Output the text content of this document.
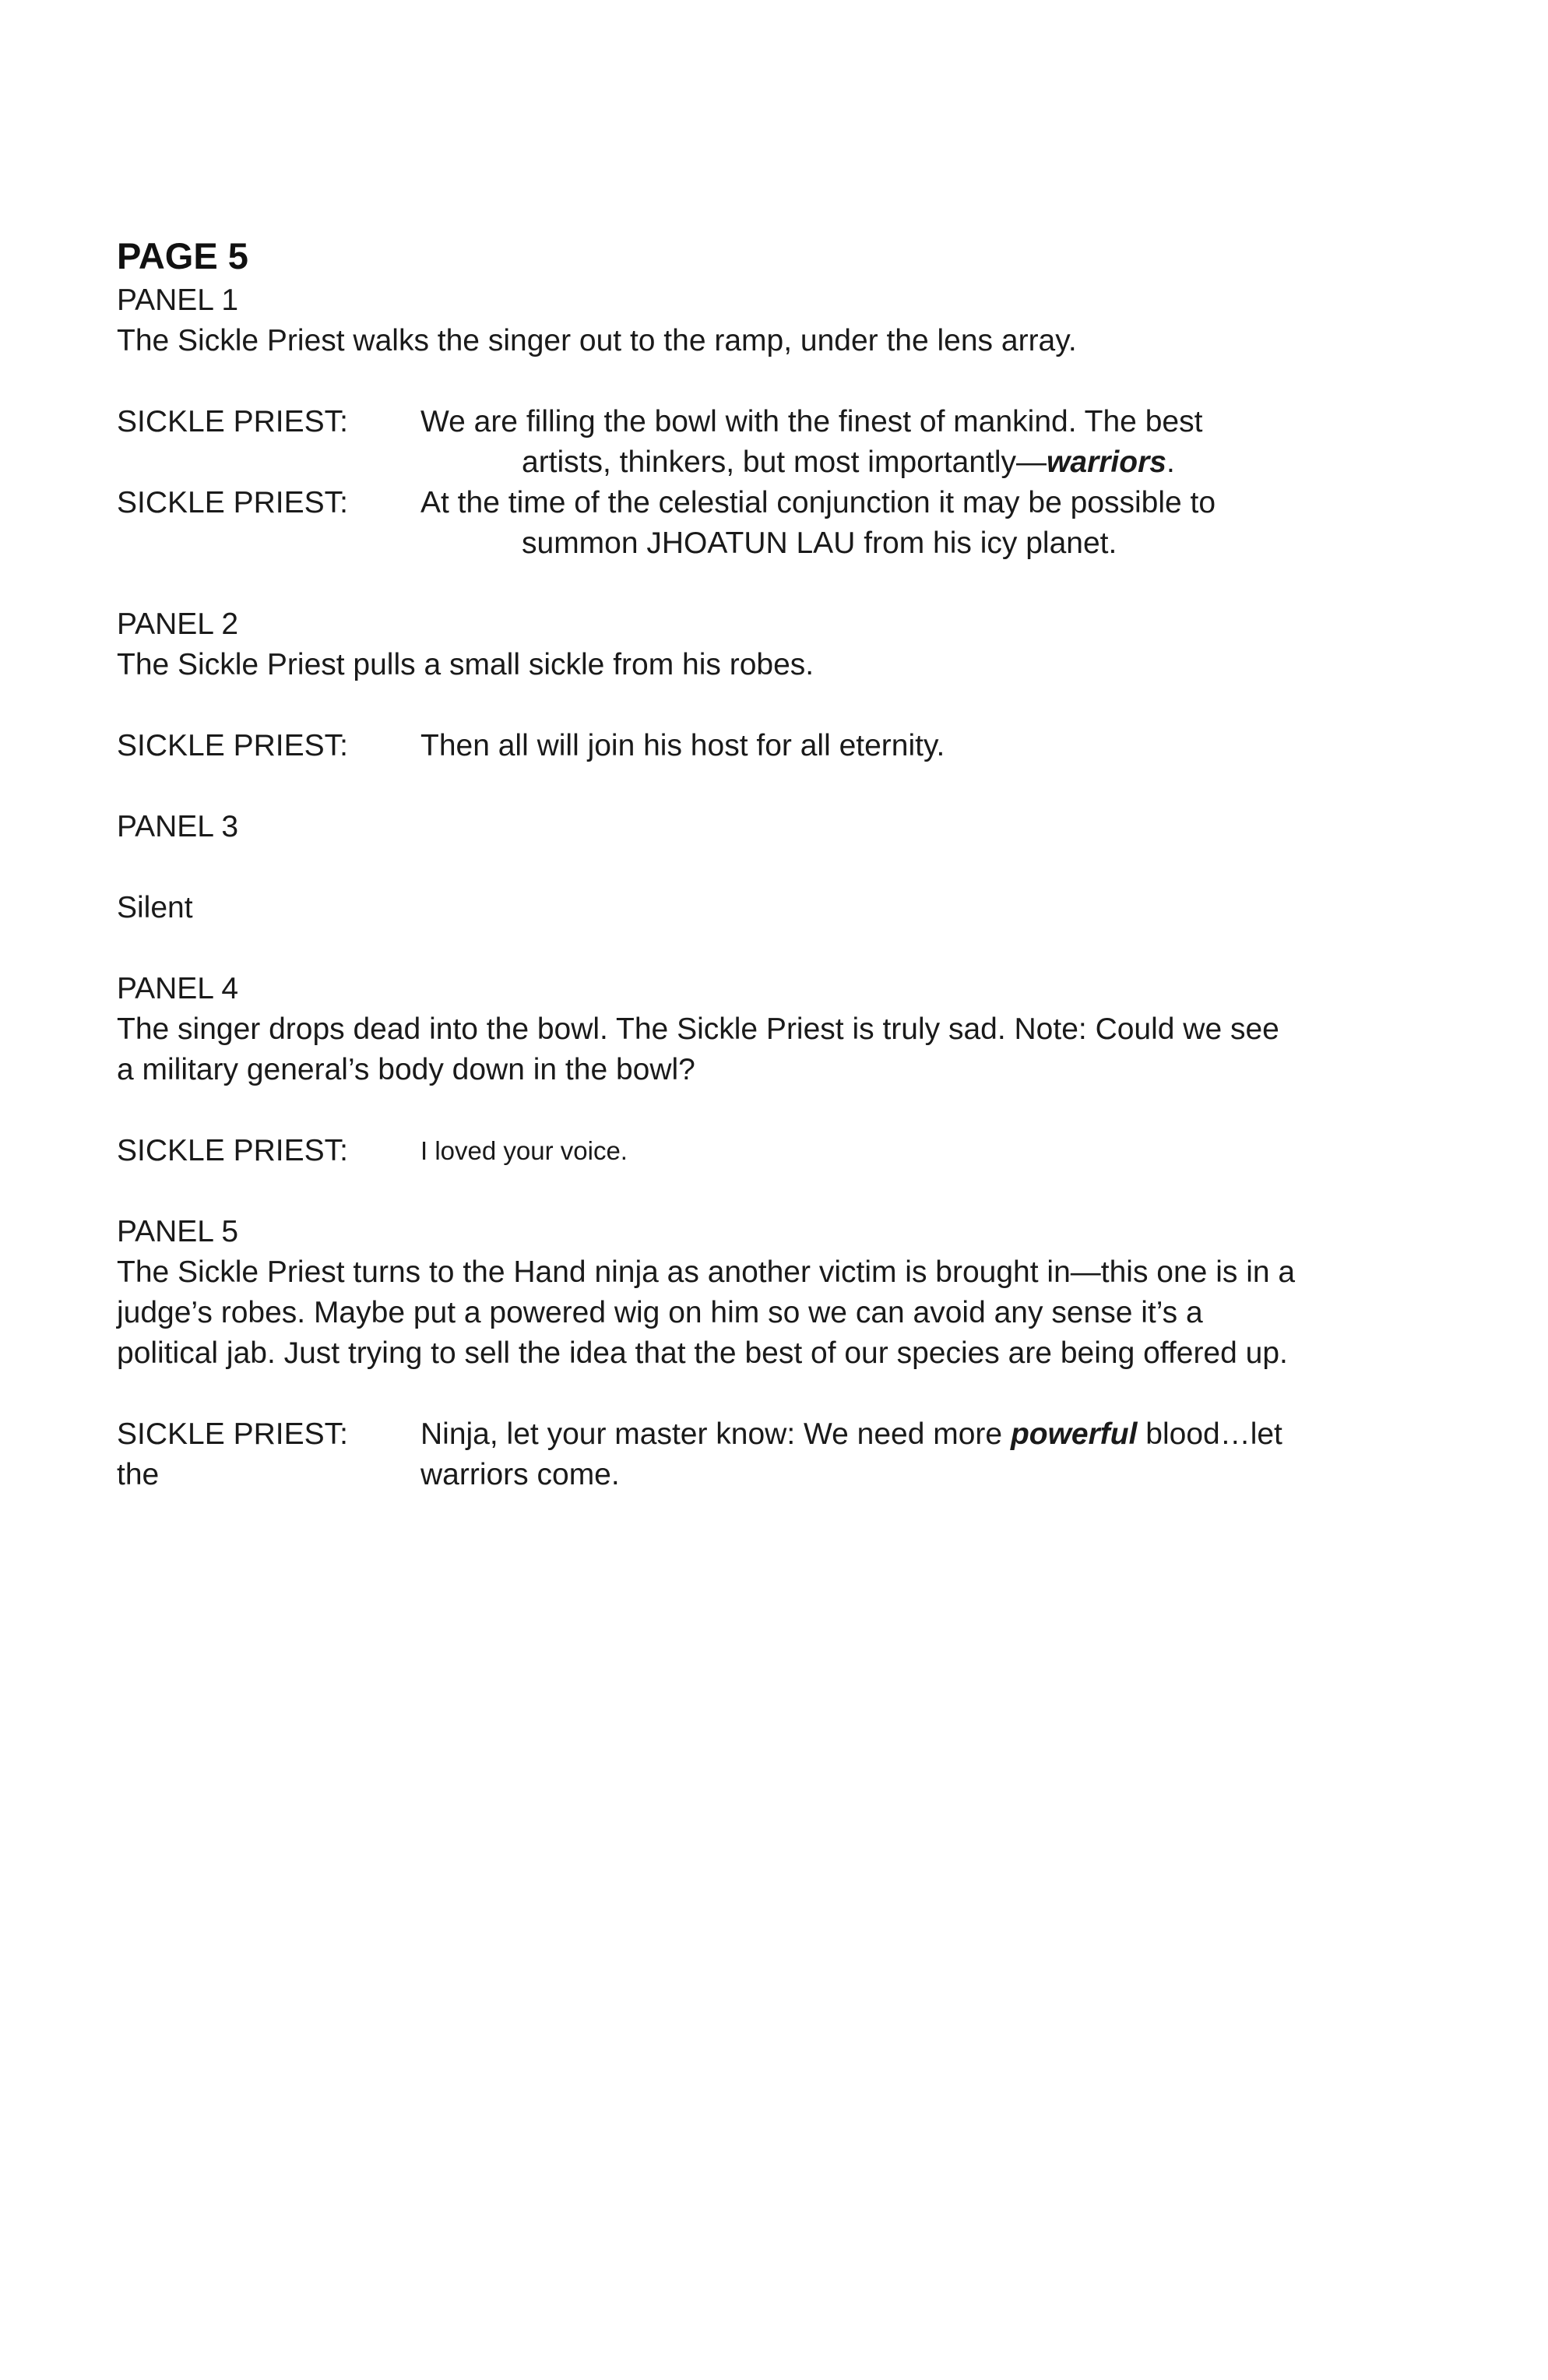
PAGE 5
PANEL 1
The Sickle Priest walks the singer out to the ramp, under the lens array.
SICKLE PRIEST: We are filling the bowl with the finest of mankind. The best
artists, thinkers, but most importantly—warriors.
SICKLE PRIEST: At the time of the celestial conjunction it may be possible to
summon JHOATUN LAU from his icy planet.
PANEL 2
The Sickle Priest pulls a small sickle from his robes.
SICKLE PRIEST: Then all will join his host for all eternity.
PANEL 3
Silent
PANEL 4
The singer drops dead into the bowl. The Sickle Priest is truly sad. Note: Could we see
a military general’s body down in the bowl?
SICKLE PRIEST:	I loved your voice.
PANEL 5
The Sickle Priest turns to the Hand ninja as another victim is brought in—this one is in a
judge’s robes. Maybe put a powered wig on him so we can avoid any sense it’s a
political jab. Just trying to sell the idea that the best of our species are being offered up.
SICKLE PRIEST: Ninja, let your master know: We need more powerful blood…let
the	warriors come.
